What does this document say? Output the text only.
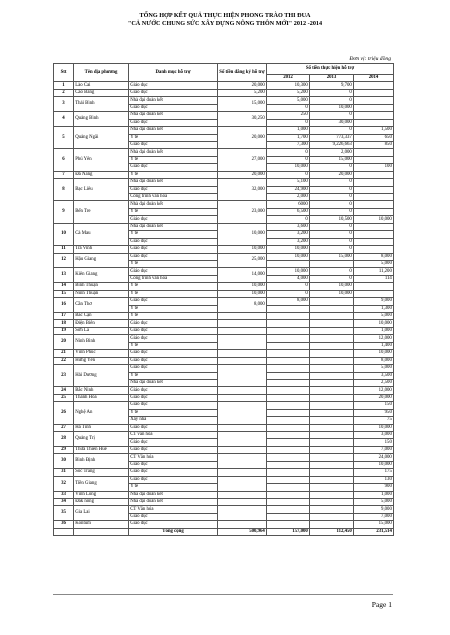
TỔNG HỢP KẾT QUẢ THỰC HIỆN PHONG TRÀO THI ĐUA
"CẢ NƯỚC CHUNG SỨC XÂY DỰNG NÔNG THÔN MỚI" 2012 -2014
Đơn vị: triệu đồng
Stt	Tên địa phương	Danh mục hỗ trợ	Số tiền đăng ký hỗ trợ	Số tiền thực hiện hỗ trợ		
				2012	2013	2014
1	Lào Cai	Giáo dục	20,000	10,300	9,700	
2	Cao Bằng	Giáo dục	5,200	5,200	0	
3	Thái Bình	Nhà đại đoàn kết	15,000	5,000	0	
		Giáo dục		0	10,000	
4	Quảng Bình	Nhà đại đoàn kết	30,250	250	0	
		Giáo dục		0	30,000	
5	Quảng Ngãi	Nhà đại đoàn kết	20,000	1,000	0	1,500
		Y tế		1,700	773,337	650
		Giáo dục		7,300	9,226,663	850
6	Phú Yên	Nhà đại đoàn kết	27,000	0	2,000	
		Y tế		0	15,000	
		Giáo dục		10,000	0	100
7	Đà Nẵng	Y tế	20,000	0	20,000	
8	Bạc Liêu	Nhà đại đoàn kết	32,000	5,100	0	
		Giáo dục		24,900	0	
		Công trình văn hóa		2,000	0	
9	Bến Tre	Nhà đại đoàn kết	23,000	6000	0	
		Y tế		6,500	0	
		Giáo dục		0	10,500	10,000
10	Cà Mau	Nhà đại đoàn kết	10,000	3,600	0	
		Y tế		3,200	0	
		Giáo dục		3,200	0	
11	Trà Vinh	Giáo dục	10,000	10,000	0	
12	Hậu Giang	Giáo dục	25,000	10,000	15,000	8,000
		Y tế				5,000
13	Kiên Giang	Giáo dục	14,000	10,000	0	11,200
		Công trình văn hóa		4,000	0	114
14	Bình Thuận	Y tế	10,000	0	10,000	
15	Ninh Thuận	Y tế	10,000	0	10,000	
16	Cần Thơ	Giáo dục	8,000	8,000		9,000
		Y tế				1,300
17	Bắc Cạn	Y tế				5,000
18	Điện Biên	Giáo dục				10,000
19	Sơn La	Giáo dục				1,000
20	Ninh Bình	Giáo dục				12,000
		Y tế				1,400
21	Vĩnh Phúc	Giáo dục				10,000
22	Hưng Yên	Giáo dục				8,000
23	Hải Dương	Giáo dục				5,000
		Y tế				3,500
		Nhà đại đoàn kết				2,500
24	Bắc Ninh	Giáo dục				12,000
25	Thanh Hóa	Giáo dục				20,000
26	Nghệ An	Giáo dục				150
		Y tế				950
		Xây nhà				75
27	Hà Tĩnh	Giáo dục				10,000
28	Quảng Trị	CT văn hóa				3,000
		Giáo dục				150
29	Thừa Thiên Huế	Giáo dục				7,000
30	Bình Định	CT Văn hóa				24,000
		Giáo dục				10,000
31	Sóc Trăng	Giáo dục				175
32	Tiền Giang	Giáo dục				130
		Y tế				900
33	Vĩnh Long	Nhà đại đoàn kết				1,000
34	Đak nông	Nhà đại đoàn kết				5,000
35	Gia Lai	CT Văn hóa				9,000
		Giáo dục				7,000
36	Kontum	Giáo dục				15,000
		Tổng cộng	500,964	157,000	112,450	231,514
Page 1
